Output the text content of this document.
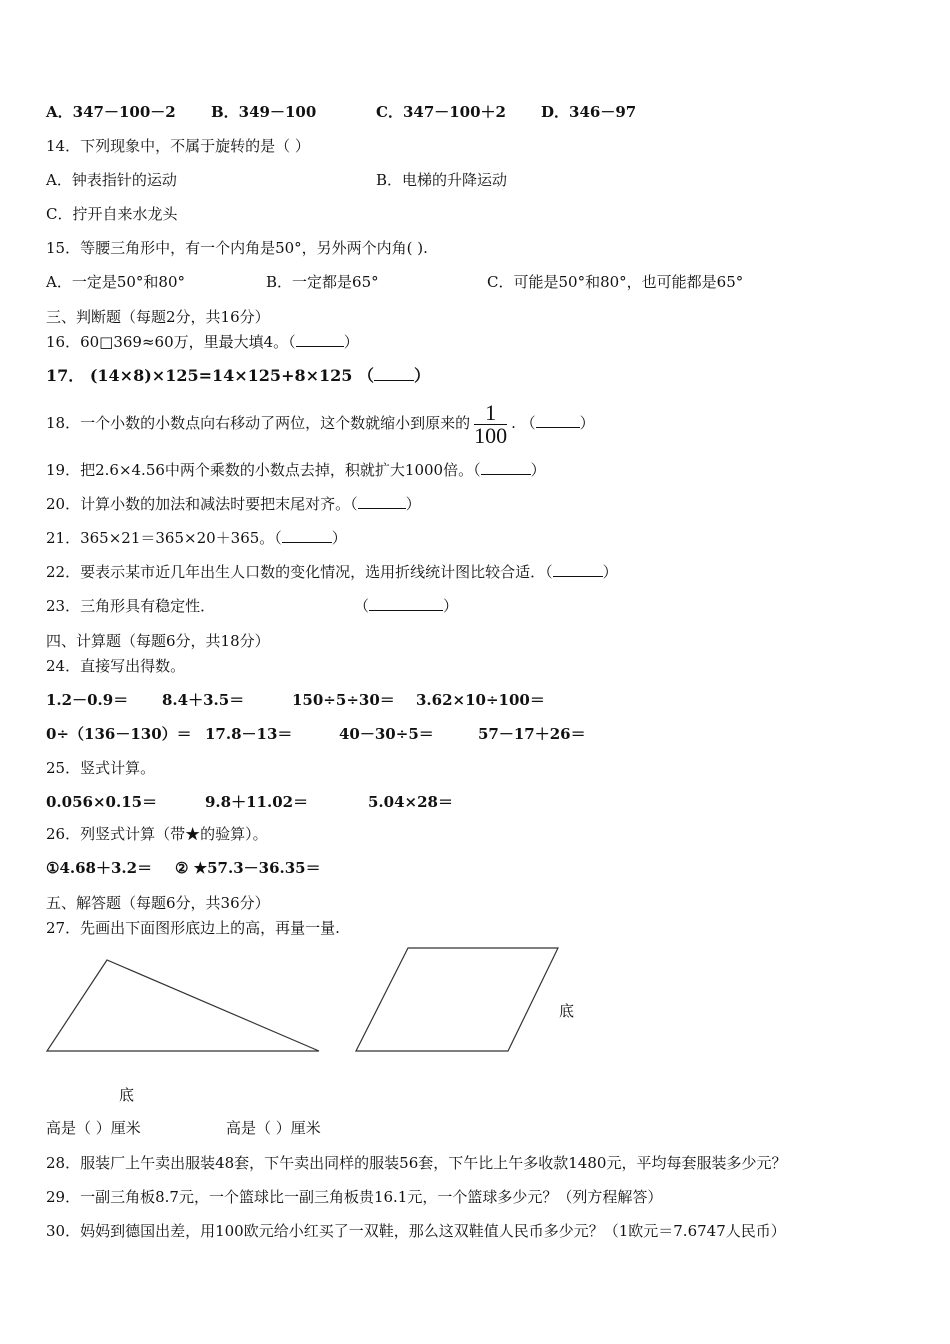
A．347－100－2 B．349－100	C．347－100＋2 D．346－97
14．下列现象中，不属于旋转的是（ ）
A．钟表指针的运动	B．电梯的升降运动
C．拧开自来水龙头
15．等腰三角形中，有一个内角是50°，另外两个内角( ).
A．一定是50°和80°	B．一定都是65°	C．可能是50°和80°，也可能都是65°
三、判断题（每题2分，共16分）
16．60□369≈60万，里最大填4。（	）
17． (14×8)×125=14×125+8×125 （	）
18．一个小数的小数点向右移动了两位，这个数就缩小到原来的 $\frac{1}{100}$ . （	）
19．把2.6×4.56中两个乘数的小数点去掉，积就扩大1000倍。（	）
20．计算小数的加法和减法时要把末尾对齐。（	）
21．365×21＝365×20＋365。（	）
22．要表示某市近几年出生人口数的变化情况，选用折线统计图比较合适．（	）
23．三角形具有稳定性．	（	）
四、计算题（每题6分，共18分）
24．直接写出得数。
1.2－0.9＝ 8.4＋3.5＝	150÷5÷30＝ 3.62×10÷100＝
0÷（136－130）＝ 17.8－13＝	40－30÷5＝	57－17＋26＝
25．竖式计算。
0.056×0.15＝	9.8＋11.02＝	5.04×28＝
26．列竖式计算（带★的验算）。
①4.68＋3.2＝ ② ★57.3－36.35＝
五、解答题（每题6分，共36分）
27．先画出下面图形底边上的高，再量一量.
底
底
高是（ ）厘米	高是（ ）厘米
28．服装厂上午卖出服装48套，下午卖出同样的服装56套，下午比上午多收款1480元，平均每套服装多少元？
29．一副三角板8.7元，一个篮球比一副三角板贵16.1元，一个篮球多少元？（列方程解答）
30．妈妈到德国出差，用100欧元给小红买了一双鞋，那么这双鞋值人民币多少元？（1欧元＝7.6747人民币）
